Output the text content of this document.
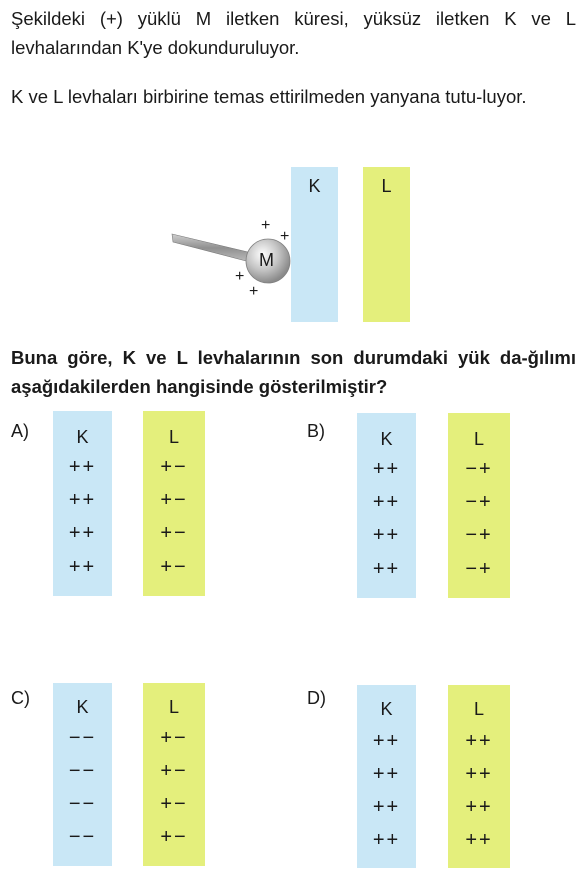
Şekildeki (+) yüklü M iletken küresi, yüksüz iletken K ve L levhalarından K'ye dokunduruluyor.
K ve L levhaları birbirine temas ettirilmeden yanyana tutu-luyor.
K	L
M
+
+
+
+
Buna göre, K ve L levhalarının son durumdaki yük da-ğılımı aşağıdakilerden hangisinde gösterilmiştir?
A)	K
++
++
++
++
L
+−
+−
+−
+−
B)	K
++
++
++
++
L
−+
−+
−+
−+
C)	K
−−
−−
−−
−−
L
+−
+−
+−
+−
D)
K
++
++
++
++
L
++
++
++
++
